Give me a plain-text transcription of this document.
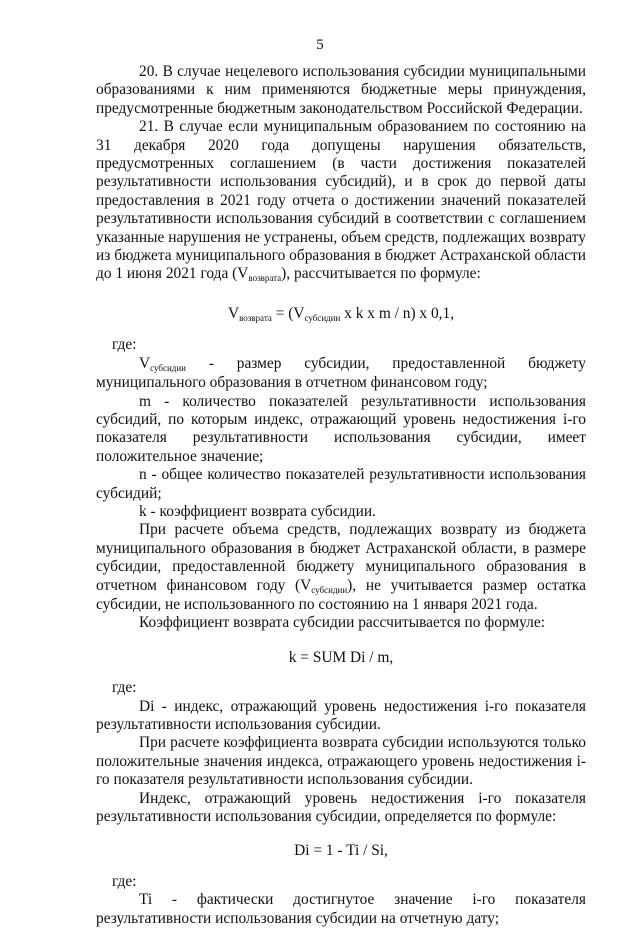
5

20. В случае нецелевого использования субсидии муниципальными образованиями к ним применяются бюджетные меры принуждения, предусмотренные бюджетным законодательством Российской Федерации.

21. В случае если муниципальным образованием по состоянию на 31 декабря 2020 года допущены нарушения обязательств, предусмотренных соглашением (в части достижения показателей результативности использования субсидий), и в срок до первой даты предоставления в 2021 году отчета о достижении значений показателей результативности использования субсидий в соответствии с соглашением указанные нарушения не устранены, объем средств, подлежащих возврату из бюджета муниципального образования в бюджет Астраханской области до 1 июня 2021 года (Vвозврата), рассчитывается по формуле:

Vвозврата = (Vсубсидии x k x m / n) x 0,1,

где:

Vсубсидии - размер субсидии, предоставленной бюджету муниципального образования в отчетном финансовом году;

m - количество показателей результативности использования субсидий, по которым индекс, отражающий уровень недостижения i-го показателя результативности использования субсидии, имеет положительное значение;

n - общее количество показателей результативности использования субсидий;

k - коэффициент возврата субсидии.

При расчете объема средств, подлежащих возврату из бюджета муниципального образования в бюджет Астраханской области, в размере субсидии, предоставленной бюджету муниципального образования в отчетном финансовом году (Vсубсидии), не учитывается размер остатка субсидии, не использованного по состоянию на 1 января 2021 года.

Коэффициент возврата субсидии рассчитывается по формуле:

k = SUM Di / m,

где:

Di - индекс, отражающий уровень недостижения i-го показателя результативности использования субсидии.

При расчете коэффициента возврата субсидии используются только положительные значения индекса, отражающего уровень недостижения i-го показателя результативности использования субсидии.

Индекс, отражающий уровень недостижения i-го показателя результативности использования субсидии, определяется по формуле:

Di = 1 - Ti / Si,

где:

Ti - фактически достигнутое значение i-го показателя результативности использования субсидии на отчетную дату;
